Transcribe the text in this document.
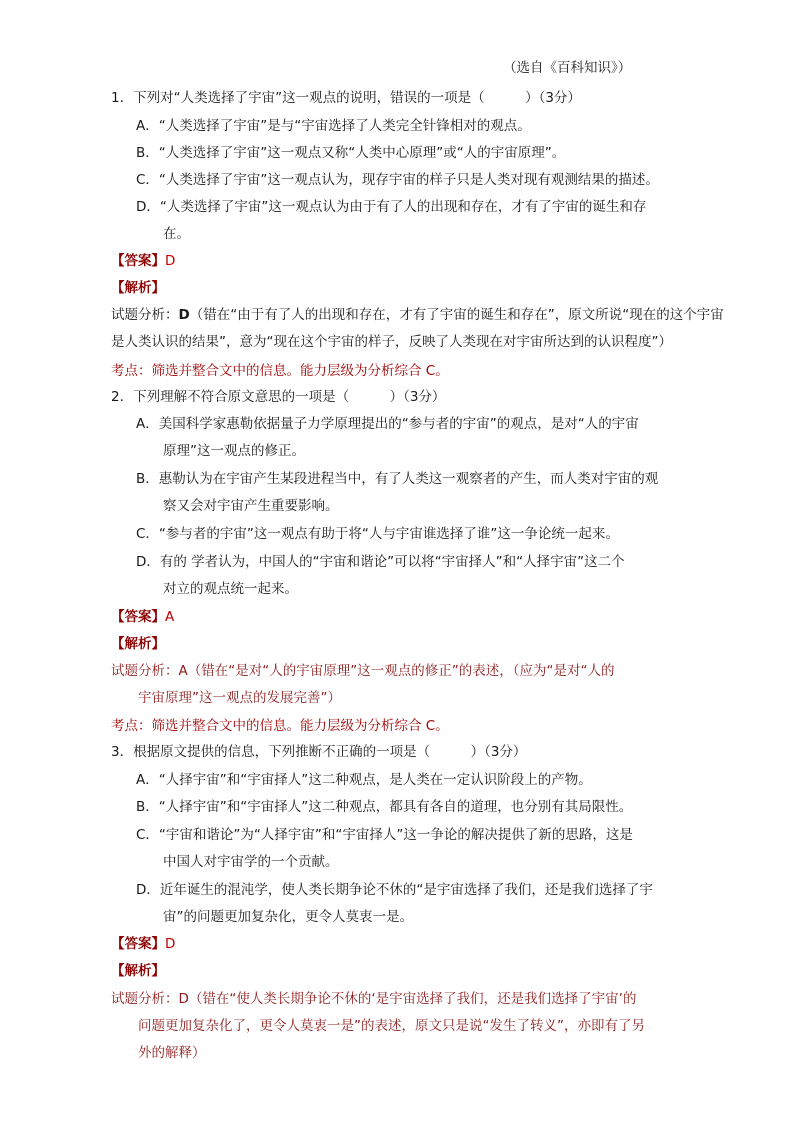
（选自《百科知识》）
1．下列对“人类选择了宇宙”这一观点的说明，错误的一项是（　　　）（3分）
A．“人类选择了宇宙”是与“宇宙选择了人类完全针锋相对的观点。
B．“人类选择了宇宙”这一观点又称“人类中心原理”或“人的宇宙原理”。
C．“人类选择了宇宙”这一观点认为，现存宇宙的样子只是人类对现有观测结果的描述。
D．“人类选择了宇宙”这一观点认为由于有了人的出现和存在，才有了宇宙的诞生和存
在。
【答案】D
【解析】
试题分析：D（错在“由于有了人的出现和存在，才有了宇宙的诞生和存在”，原文所说“现在的这个宇宙
是人类认识的结果”，意为“现在这个宇宙的样子，反映了人类现在对宇宙所达到的认识程度”）
考点：筛选并整合文中的信息。能力层级为分析综合 C。
2．下列理解不符合原文意思的一项是（　　　）（3分）
A．美国科学家惠勒依据量子力学原理提出的“参与者的宇宙”的观点，是对“人的宇宙
原理”这一观点的修正。
B．惠勒认为在宇宙产生某段进程当中，有了人类这一观察者的产生，而人类对宇宙的观
察又会对宇宙产生重要影响。
C．“参与者的宇宙”这一观点有助于将“人与宇宙谁选择了谁”这一争论统一起来。
D．有的 学者认为，中国人的“宇宙和谐论”可以将“宇宙择人”和“人择宇宙”这二个
对立的观点统一起来。
【答案】A
【解析】
试题分析：A（错在“是对“人的宇宙原理”这一观点的修正”的表述，（应为“是对“人的
宇宙原理”这一观点的发展完善”）
考点：筛选并整合文中的信息。能力层级为分析综合 C。
3．根据原文提供的信息，下列推断不正确的一项是（　　　）（3分）
A．“人择宇宙”和“宇宙择人”这二种观点，是人类在一定认识阶段上的产物。
B．“人择宇宙”和“宇宙择人”这二种观点，都具有各自的道理，也分别有其局限性。
C．“宇宙和谐论”为“人择宇宙”和“宇宙择人”这一争论的解决提供了新的思路，这是
中国人对宇宙学的一个贡献。
D．近年诞生的混沌学，使人类长期争论不休的“是宇宙选择了我们，还是我们选择了宇
宙”的问题更加复杂化，更令人莫衷一是。
【答案】D
【解析】
试题分析：D（错在“使人类长期争论不休的‘是宇宙选择了我们，还是我们选择了宇宙’的
问题更加复杂化了，更令人莫衷一是”的表述，原文只是说“发生了转义”，亦即有了另
外的解释）
